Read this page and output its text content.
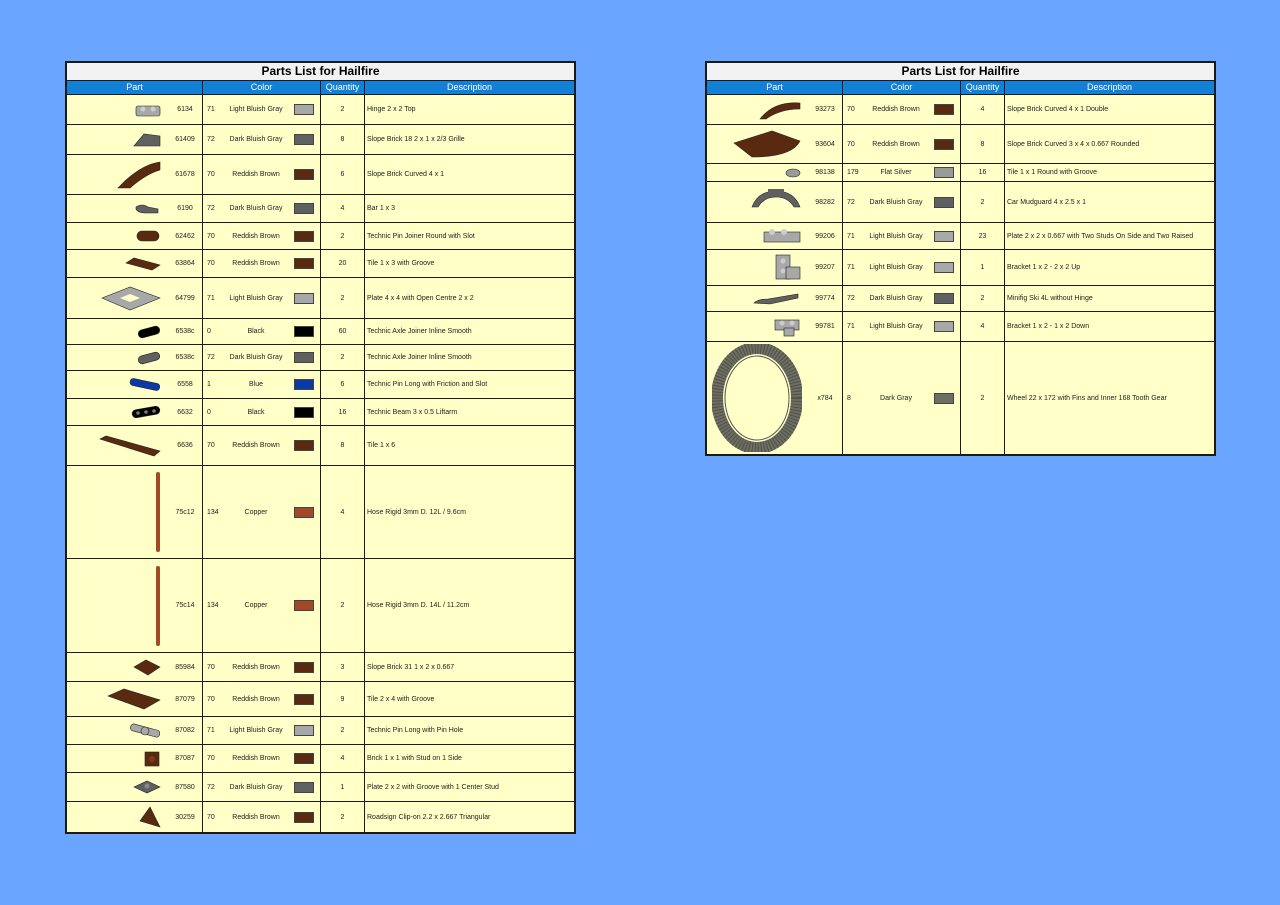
Parts List for Hailfire
Part	Color	Quantity	Description
6134	71	Light Bluish Gray	2	Hinge 2 x 2 Top
61409	72	Dark Bluish Gray	8	Slope Brick 18 2 x 1 x 2/3 Grille
61678	70	Reddish Brown	6	Slope Brick Curved 4 x 1
6190	72	Dark Bluish Gray	4	Bar 1 x 3
62462	70	Reddish Brown	2	Technic Pin Joiner Round with Slot
63864	70	Reddish Brown	20	Tile 1 x 3 with Groove
64799	71	Light Bluish Gray	2	Plate 4 x 4 with Open Centre 2 x 2
6538c	0	Black	60	Technic Axle Joiner Inline Smooth
6538c	72	Dark Bluish Gray	2	Technic Axle Joiner Inline Smooth
6558	1	Blue	6	Technic Pin Long with Friction and Slot
6632	0	Black	16	Technic Beam 3 x 0.5 Liftarm
6636	70	Reddish Brown	8	Tile 1 x 6
75c12	134	Copper	4	Hose Rigid 3mm D. 12L / 9.6cm
75c14	134	Copper	2	Hose Rigid 3mm D. 14L / 11.2cm
85984	70	Reddish Brown	3	Slope Brick 31 1 x 2 x 0.667
87079	70	Reddish Brown	9	Tile 2 x 4 with Groove
87082	71	Light Bluish Gray	2	Technic Pin Long with Pin Hole
87087	70	Reddish Brown	4	Brick 1 x 1 with Stud on 1 Side
87580	72	Dark Bluish Gray	1	Plate 2 x 2 with Groove with 1 Center Stud
30259	70	Reddish Brown	2	Roadsign Clip-on 2.2 x 2.667 Triangular
Parts List for Hailfire
Part	Color	Quantity	Description
93273	70	Reddish Brown	4	Slope Brick Curved 4 x 1 Double
93604	70	Reddish Brown	8	Slope Brick Curved 3 x 4 x 0.667 Rounded
98138	179	Flat Silver	16	Tile 1 x 1 Round with Groove
98282	72	Dark Bluish Gray	2	Car Mudguard 4 x 2.5 x 1
99206	71	Light Bluish Gray	23	Plate 2 x 2 x 0.667 with Two Studs On Side and Two Raised
99207	71	Light Bluish Gray	1	Bracket 1 x 2 - 2 x 2 Up
99774	72	Dark Bluish Gray	2	Minifig Ski 4L without Hinge
99781	71	Light Bluish Gray	4	Bracket 1 x 2 - 1 x 2 Down
x784	8	Dark Gray	2	Wheel 22 x 172 with Fins and Inner 168 Tooth Gear
